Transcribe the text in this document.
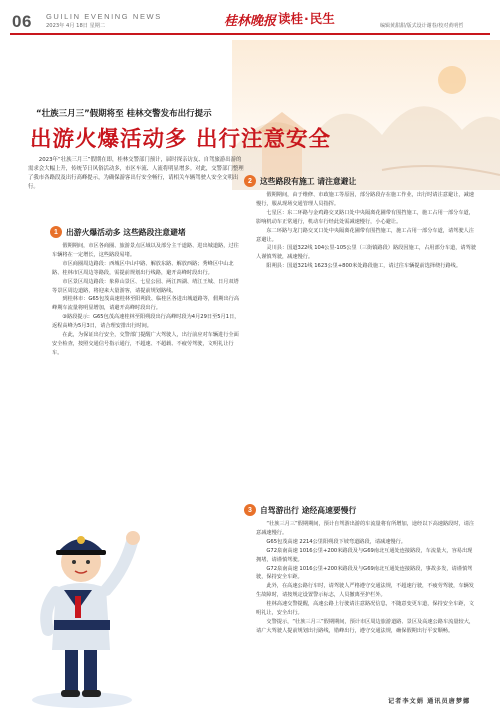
06 GUILIN EVENING NEWS
2023年 4月 18日 星期二	桂林晚报 读桂·民生	编辑黄甜甜/版式设计谢春/校对黄明哲
“壮族三月三”假期将至 桂林交警发布出行提示
出游火爆活动多 出行注意安全
2023年“壮族三月三”假期在即，桂林交警部门预计，届时探亲访友、自驾旅游出游的需求会大幅上升，传统节日风俗活动多，市区车流、人流将明显增多。对此，交警部门整理了我市各路段及出行高峰提示，为确保游客出行安全畅行，请相关车辆驾驶人安全文明出行。
1	出游火爆活动多 这些路段注意避堵

假期期间，市区各商圈、旅游景点区域以及部分主干道路、进出城道路，过往车辆将在一定增长，这些路段易堵。

市区商圈周边路段：西城区中山中路、解放东路、解放西路；秀峰区中山北路、桂林市区周边等路段，需提前规划出行线路，避开高峰时段出行。

市区景区周边路段：象鼻山景区、七星公园、两江四湖、靖江王城、日月双塔等景区周边道路，将迎来大量游客，请提前规划路线。

到桂林市：G65包茂高速桂林至阳朔段、临桂区各进出城道路等，假期出行高峰期车流量将明显增加，请避开高峰时段出行。

③路段提示：G65包茂高速桂林至阳朔段出行高峰时段为4月29日至5月1日，返程高峰为5月3日，请合理安排出行时间。

在此，为保证出行安全，交警部门提醒广大驾驶人，出行前应对车辆进行全面安全检查，按照交通信号指示通行，不超速、不超载、不疲劳驾驶，文明礼让行车。

2	这些路段有施工 请注意避让

假期期间，由于维修、市政施工等原因，部分路段存在施工作业，出行时请注意避让，减速慢行，服从现场交通管理人员指挥。

七星区：东二环路与金鸡路交叉路口处中央隔离花圃带有围挡施工，施工占用一部分车道，影响机动车正常通行，机动车行经此处需减速慢行，小心避让。

东二环路与龙门路交叉口处中央隔离花圃带有围挡施工，施工占用一部分车道，请驾驶人注意避让。

灵川县：国道322线 104公里-105公里（三街镇路段）路段因施工，占用部分车道，请驾驶人谨慎驾驶，减速慢行。

阳朔县：国道321线 1623公里+800米处路段施工，请过往车辆提前选择绕行路线。

3	自驾游出行 途经高速要慢行

“壮族三月三”假期期间，预计自驾游出游的车流量将有所增加，途经以下高速路段时，请注意减速慢行。

G65包茂高速 2214公里阳朔段下坡弯道路段，请减速慢行。

G72泉南高速 1016公里+200米路段及与G69南北互通处连接路段，车流量大，容易出现拥堵，请谨慎驾驶。

G72泉南高速 1016公里+200米路段及与G69南北互通处连接路段，事故多发，请谨慎驾驶，保持安全车距。

此外，在高速公路行车时，请驾驶人严格遵守交通法规，不超速行驶，不疲劳驾驶，车辆发生故障时，请按规定设置警示标志，人员撤离至护栏外。

桂林高速交警提醒，高速公路上行驶请注意路况信息，不随意变更车道，保持安全车距，文明礼让，安全出行。

交警提示，“壮族三月三”假期期间，预计市区周边旅游道路、景区及高速公路车流量较大，请广大驾驶人提前规划出行路线，错峰出行，遵守交通法规，确保假期出行平安顺畅。

记者李文娟 通讯员唐梦娜
